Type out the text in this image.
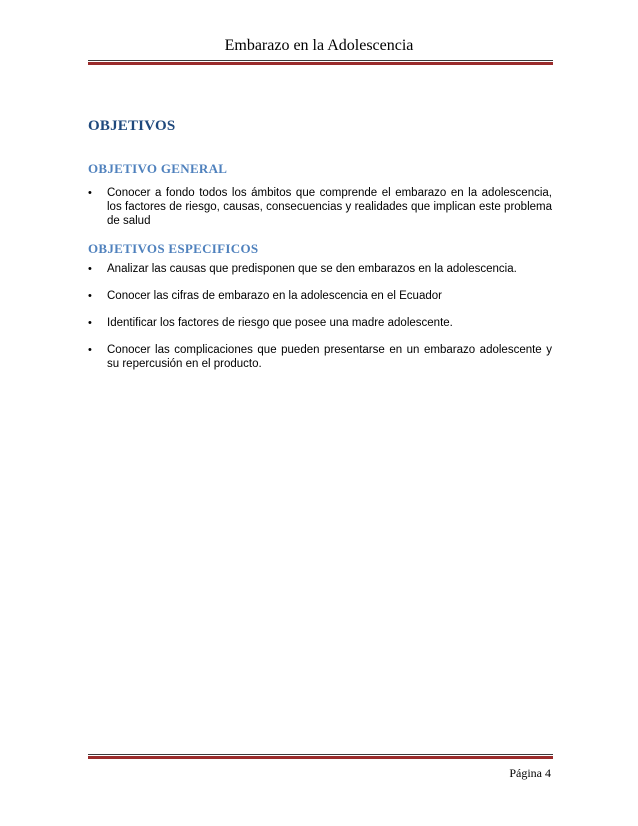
Embarazo en la Adolescencia
OBJETIVOS
OBJETIVO GENERAL
• Conocer a fondo todos los ámbitos que comprende el embarazo en la adolescencia, los factores de riesgo, causas, consecuencias y realidades que implican este problema de salud
OBJETIVOS ESPECIFICOS
• Analizar las causas que predisponen que se den embarazos en la adolescencia.
• Conocer las cifras de embarazo en la adolescencia en el Ecuador
• Identificar los factores de riesgo que posee una madre adolescente.
• Conocer las complicaciones que pueden presentarse en un embarazo adolescente y su repercusión en el producto.
Página 4
